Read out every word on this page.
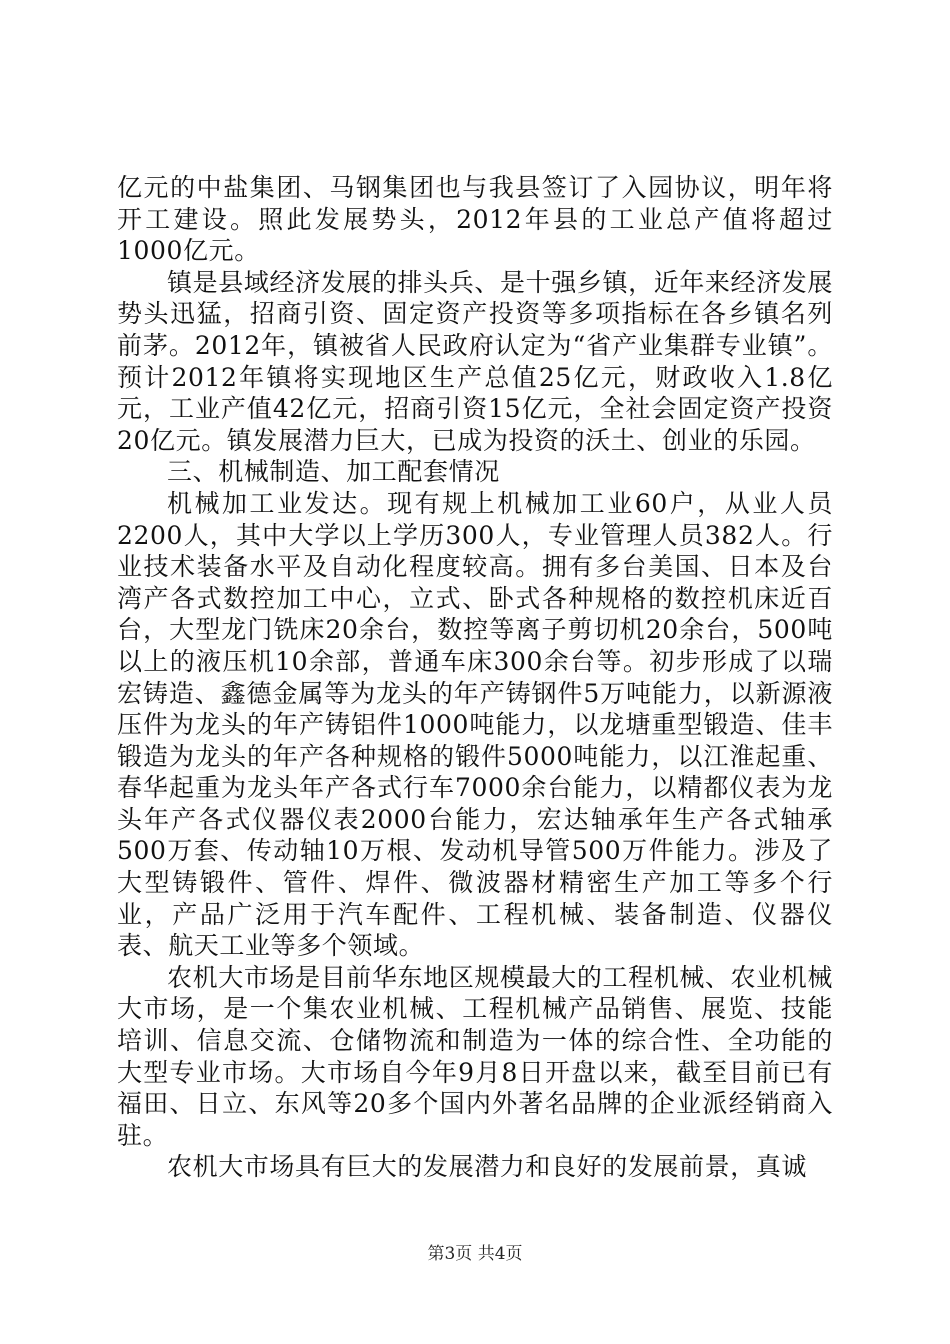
亿元的中盐集团、马钢集团也与我县签订了入园协议，明年将开工建设。照此发展势头，2012年县的工业总产值将超过1000亿元。

镇是县域经济发展的排头兵、是十强乡镇，近年来经济发展势头迅猛，招商引资、固定资产投资等多项指标在各乡镇名列前茅。2012年，镇被省人民政府认定为“省产业集群专业镇”。预计2012年镇将实现地区生产总值25亿元，财政收入1.8亿元，工业产值42亿元，招商引资15亿元，全社会固定资产投资20亿元。镇发展潜力巨大，已成为投资的沃土、创业的乐园。

三、机械制造、加工配套情况

机械加工业发达。现有规上机械加工业60户，从业人员2200人，其中大学以上学历300人，专业管理人员382人。行业技术装备水平及自动化程度较高。拥有多台美国、日本及台湾产各式数控加工中心，立式、卧式各种规格的数控机床近百台，大型龙门铣床20余台，数控等离子剪切机20余台，500吨以上的液压机10余部，普通车床300余台等。初步形成了以瑞宏铸造、鑫德金属等为龙头的年产铸钢件5万吨能力，以新源液压件为龙头的年产铸铝件1000吨能力，以龙塘重型锻造、佳丰锻造为龙头的年产各种规格的锻件5000吨能力，以江淮起重、春华起重为龙头年产各式行车7000余台能力，以精都仪表为龙头年产各式仪器仪表2000台能力，宏达轴承年生产各式轴承500万套、传动轴10万根、发动机导管500万件能力。涉及了大型铸锻件、管件、焊件、微波器材精密生产加工等多个行业，产品广泛用于汽车配件、工程机械、装备制造、仪器仪表、航天工业等多个领域。

农机大市场是目前华东地区规模最大的工程机械、农业机械大市场，是一个集农业机械、工程机械产品销售、展览、技能培训、信息交流、仓储物流和制造为一体的综合性、全功能的大型专业市场。大市场自今年9月8日开盘以来，截至目前已有福田、日立、东风等20多个国内外著名品牌的企业派经销商入驻。

农机大市场具有巨大的发展潜力和良好的发展前景，真诚

第3页 共4页
